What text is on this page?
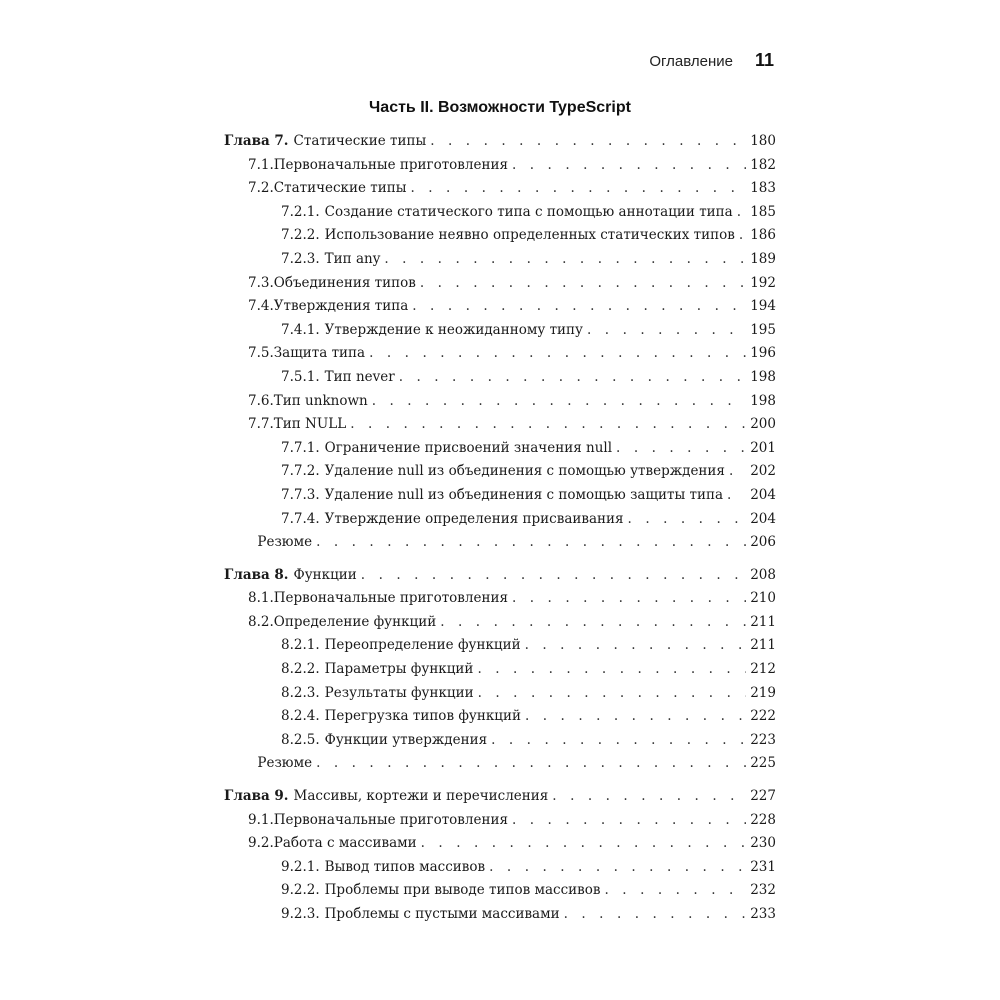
Оглавление 11
Часть II. Возможности TypeScript
Глава 7. Статические типы . . .	180
7.1. Первоначальные приготовления . . .	182
7.2. Статические типы . . .	183
7.2.1. Создание статического типа с помощью аннотации типа . . . 185
7.2.2. Использование неявно определенных статических типов . . . 186
7.2.3. Тип any . . .	189
7.3. Объединения типов . . .	192
7.4. Утверждения типа . . .	194
7.4.1. Утверждение к неожиданному типу . . .	195
7.5. Защита типа . . .	196
7.5.1. Тип never . . .	198
7.6. Тип unknown . . .	198
7.7. Тип NULL . . .	200
7.7.1. Ограничение присвоений значения null . . .	201
7.7.2. Удаление null из объединения с помощью утверждения . . . 202
7.7.3. Удаление null из объединения с помощью защиты типа . . . 204
7.7.4. Утверждение определения присваивания . . .	204
Резюме . . .	206
Глава 8. Функции . . .	208
8.1. Первоначальные приготовления . . .	210
8.2. Определение функций . . .	211
8.2.1. Переопределение функций . . .	211
8.2.2. Параметры функций . . .	212
8.2.3. Результаты функции . . .	219
8.2.4. Перегрузка типов функций . . .	222
8.2.5. Функции утверждения . . .	223
Резюме . . .	225
Глава 9. Массивы, кортежи и перечисления . . .	227
9.1. Первоначальные приготовления . . .	228
9.2. Работа с массивами . . .	230
9.2.1. Вывод типов массивов . . .	231
9.2.2. Проблемы при выводе типов массивов . . .	232
9.2.3. Проблемы с пустыми массивами . . .	233
